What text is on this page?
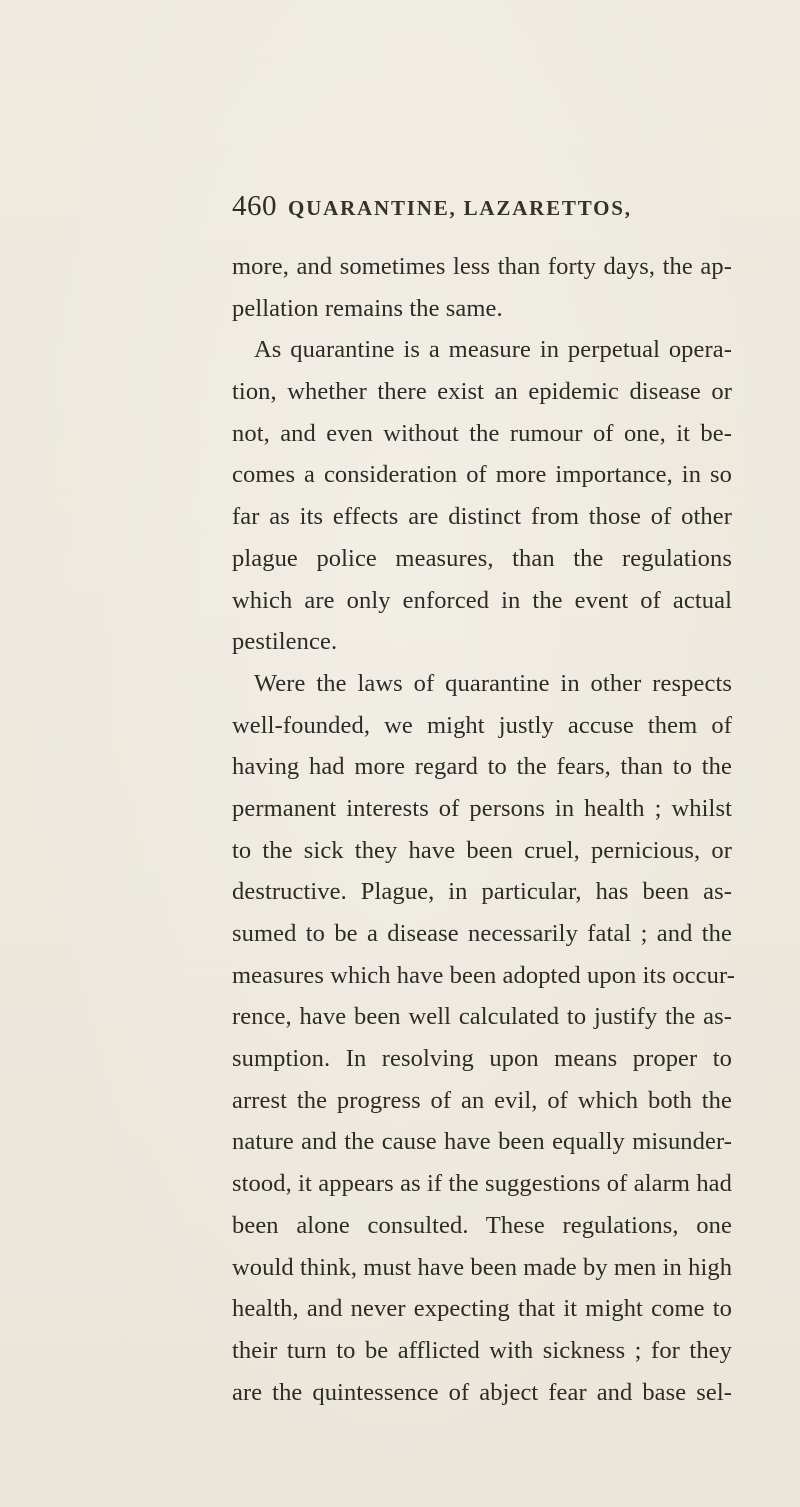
460 QUARANTINE, LAZARETTOS,
more, and sometimes less than forty days, the ap-
pellation remains the same.
As quarantine is a measure in perpetual opera-
tion, whether there exist an epidemic disease or
not, and even without the rumour of one, it be-
comes a consideration of more importance, in so
far as its effects are distinct from those of other
plague police measures, than the regulations
which are only enforced in the event of actual
pestilence.
Were the laws of quarantine in other respects
well-founded, we might justly accuse them of
having had more regard to the fears, than to the
permanent interests of persons in health ; whilst
to the sick they have been cruel, pernicious, or
destructive. Plague, in particular, has been as-
sumed to be a disease necessarily fatal ; and the
measures which have been adopted upon its occur-
rence, have been well calculated to justify the as-
sumption. In resolving upon means proper to
arrest the progress of an evil, of which both the
nature and the cause have been equally misunder-
stood, it appears as if the suggestions of alarm had
been alone consulted. These regulations, one
would think, must have been made by men in high
health, and never expecting that it might come to
their turn to be afflicted with sickness ; for they
are the quintessence of abject fear and base sel-
